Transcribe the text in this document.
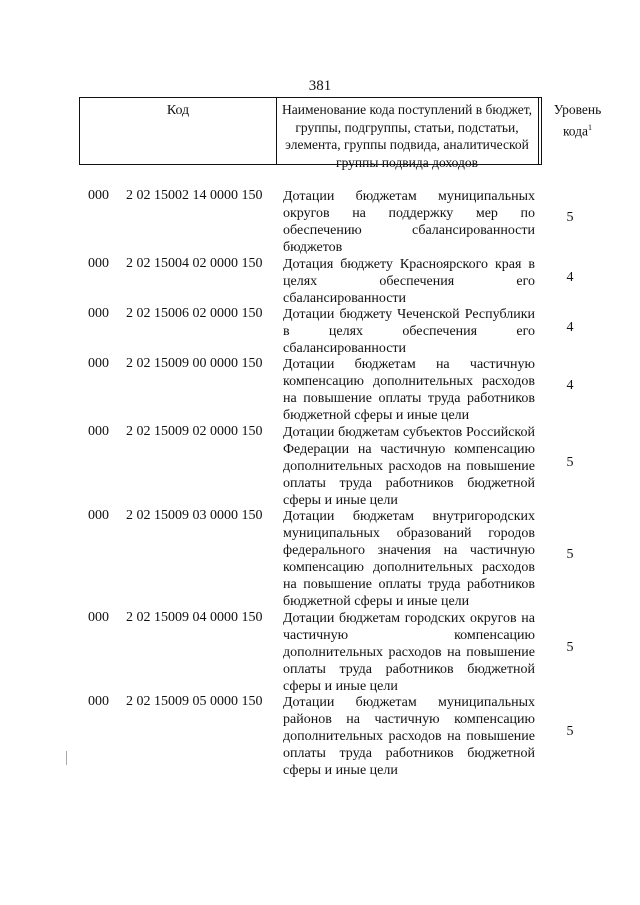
381
Код	Наименование кода поступлений в бюджет, группы, подгруппы, статьи, подстатьи, элемента, группы подвида, аналитической группы подвида доходов
Уровень кода$^1$
000 2 02 15002 14 0000 150 Дотации бюджетам муниципальных округов на поддержку мер по обеспечению сбалансированности бюджетов
5
000 2 02 15004 02 0000 150 Дотация бюджету Красноярского края в целях обеспечения его сбалансированности
4
000 2 02 15006 02 0000 150 Дотации бюджету Чеченской Республики в целях обеспечения его сбалансированности
4
000 2 02 15009 00 0000 150 Дотации бюджетам на частичную компенсацию дополнительных расходов на повышение оплаты труда работников бюджетной сферы и иные цели
4
000 2 02 15009 02 0000 150 Дотации бюджетам субъектов Российской Федерации на частичную компенсацию дополнительных расходов на повышение оплаты труда работников бюджетной сферы и иные цели
5
000 2 02 15009 03 0000 150 Дотации бюджетам внутригородских муниципальных образований городов федерального значения на частичную компенсацию дополнительных расходов на повышение оплаты труда работников бюджетной сферы и иные цели
5
000 2 02 15009 04 0000 150 Дотации бюджетам городских округов на частичную компенсацию дополнительных расходов на повышение оплаты труда работников бюджетной сферы и иные цели
5
000 2 02 15009 05 0000 150 Дотации бюджетам муниципальных районов на частичную компенсацию дополнительных расходов на повышение оплаты труда работников бюджетной сферы и иные цели
5
